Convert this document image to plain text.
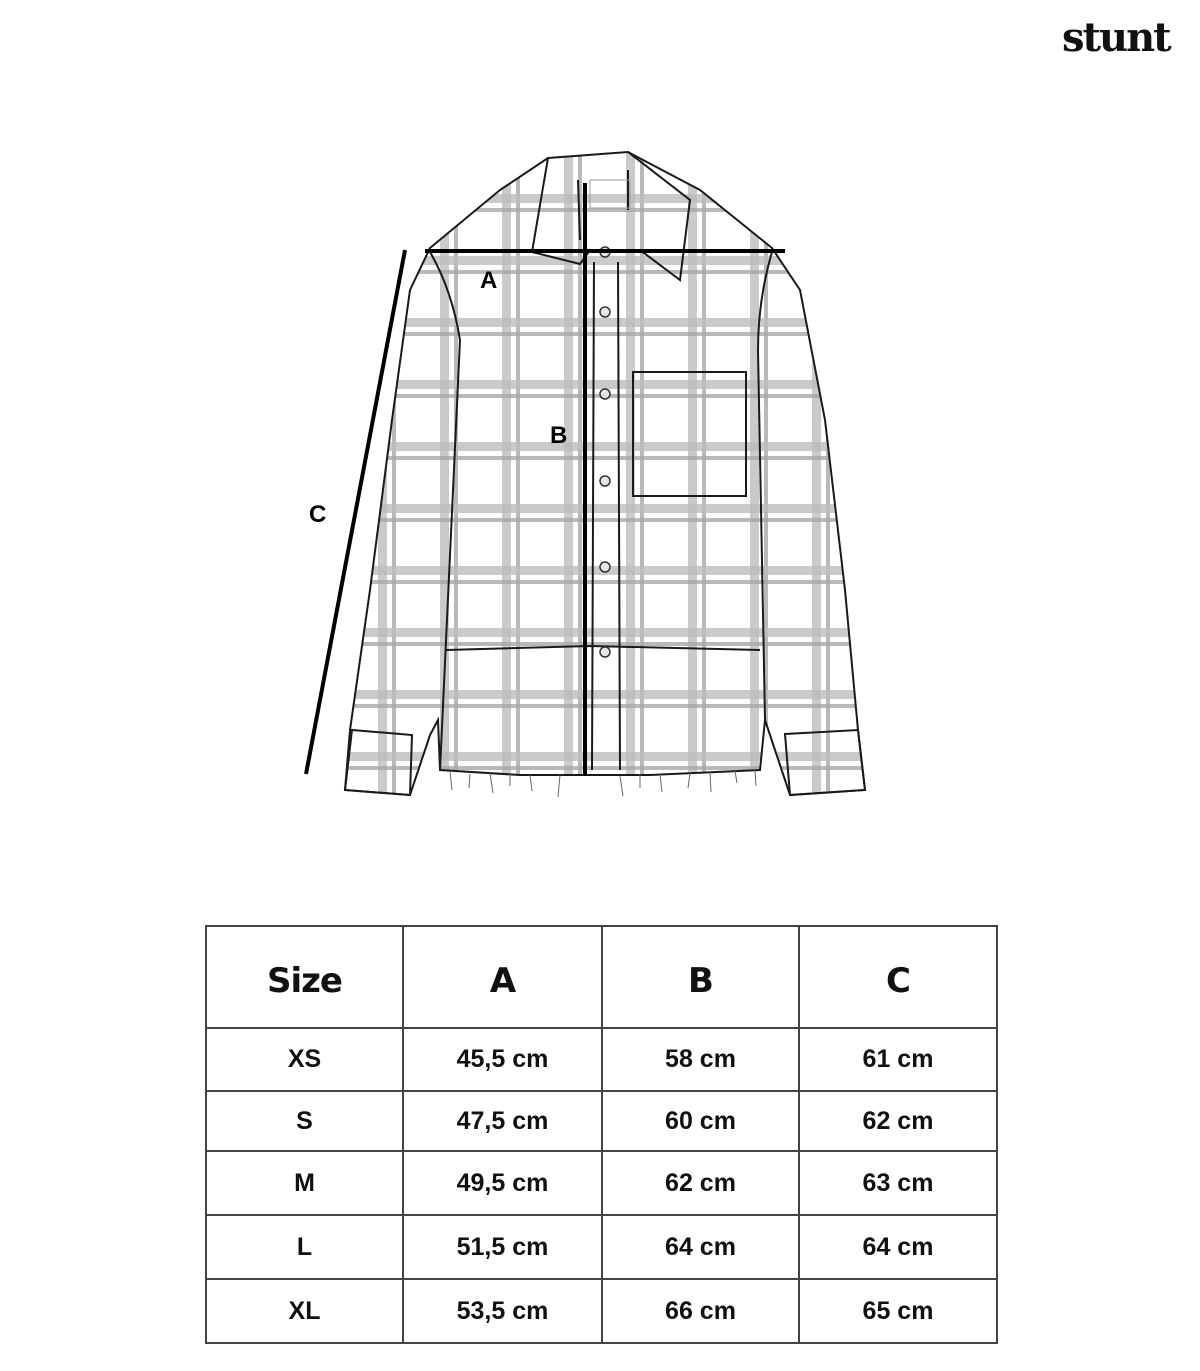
stunt
A
B
C
Size	A	B	C
XS	45,5 cm	58 cm	61 cm
S	47,5 cm	60 cm	62 cm
M	49,5 cm	62 cm	63 cm
L	51,5 cm	64 cm	64 cm
XL	53,5 cm	66 cm	65 cm
